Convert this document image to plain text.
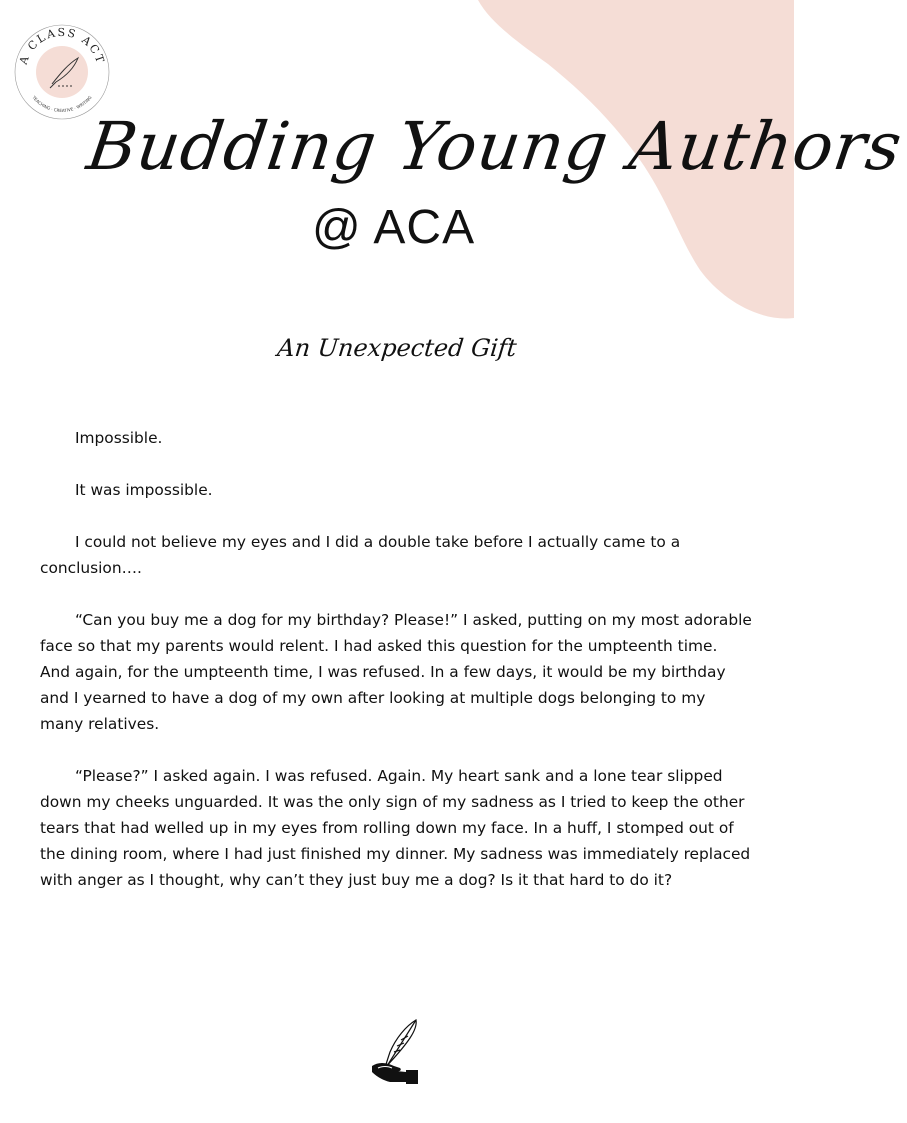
A CLASS ACT
TEACHING · CREATIVE · WRITING
Budding Young Authors
@ ACA
An Unexpected Gift

Impossible.

It was impossible.

I could not believe my eyes and I did a double take before I actually came to a conclusion….

“Can you buy me a dog for my birthday? Please!” I asked, putting on my most adorable face so that my parents would relent. I had asked this question for the umpteenth time. And again, for the umpteenth time, I was refused. In a few days, it would be my birthday and I yearned to have a dog of my own after looking at multiple dogs belonging to my many relatives.

“Please?” I asked again. I was refused. Again. My heart sank and a lone tear slipped down my cheeks unguarded. It was the only sign of my sadness as I tried to keep the other tears that had welled up in my eyes from rolling down my face. In a huff, I stomped out of the dining room, where I had just finished my dinner. My sadness was immediately replaced with anger as I thought, why can’t they just buy me a dog? Is it that hard to do it?
